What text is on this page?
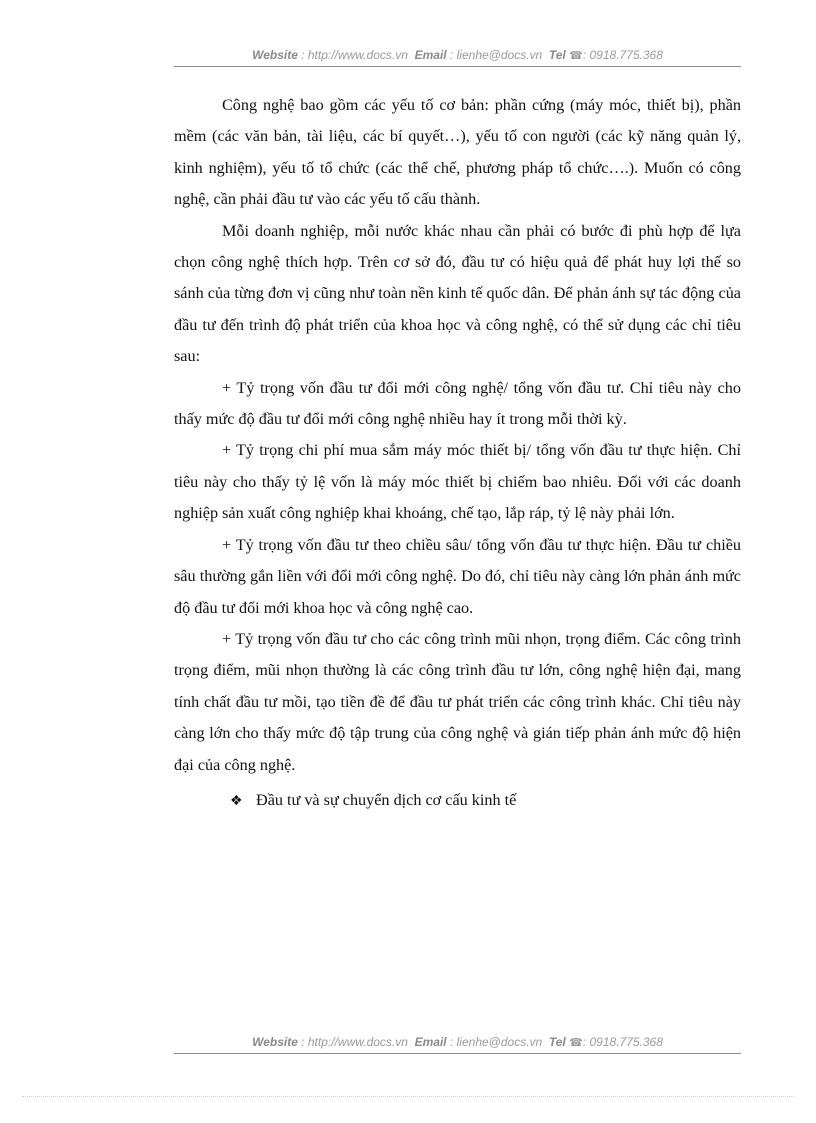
Website : http://www.docs.vn Email : lienhe@docs.vn Tel ☎: 0918.775.368

Công nghệ bao gồm các yếu tố cơ bản: phần cứng (máy móc, thiết bị), phần mềm (các văn bản, tài liệu, các bí quyết…), yếu tố con người (các kỹ năng quản lý, kinh nghiệm), yếu tố tổ chức (các thể chế, phương pháp tổ chức….). Muốn có công nghệ, cần phải đầu tư vào các yếu tố cấu thành.

Mỗi doanh nghiệp, mỗi nước khác nhau cần phải có bước đi phù hợp để lựa chọn công nghệ thích hợp. Trên cơ sở đó, đầu tư có hiệu quả để phát huy lợi thế so sánh của từng đơn vị cũng như toàn nền kinh tế quốc dân. Để phản ánh sự tác động của đầu tư đến trình độ phát triển của khoa học và công nghệ, có thể sử dụng các chỉ tiêu sau:

+ Tỷ trọng vốn đầu tư đổi mới công nghệ/ tổng vốn đầu tư. Chỉ tiêu này cho thấy mức độ đầu tư đổi mới công nghệ nhiều hay ít trong mỗi thời kỳ.

+ Tỷ trọng chi phí mua sắm máy móc thiết bị/ tổng vốn đầu tư thực hiện. Chỉ tiêu này cho thấy tỷ lệ vốn là máy móc thiết bị chiếm bao nhiêu. Đối với các doanh nghiệp sản xuất công nghiệp khai khoáng, chế tạo, lắp ráp, tỷ lệ này phải lớn.

+ Tỷ trọng vốn đầu tư theo chiều sâu/ tổng vốn đầu tư thực hiện. Đầu tư chiều sâu thường gắn liền với đổi mới công nghệ. Do đó, chỉ tiêu này càng lớn phản ánh mức độ đầu tư đổi mới khoa học và công nghệ cao.

+ Tỷ trọng vốn đầu tư cho các công trình mũi nhọn, trọng điểm. Các công trình trọng điểm, mũi nhọn thường là các công trình đầu tư lớn, công nghệ hiện đại, mang tính chất đầu tư mồi, tạo tiền đề để đầu tư phát triển các công trình khác. Chỉ tiêu này càng lớn cho thấy mức độ tập trung của công nghệ và gián tiếp phản ánh mức độ hiện đại của công nghệ.

❖ Đầu tư và sự chuyển dịch cơ cấu kinh tế
Website : http://www.docs.vn Email : lienhe@docs.vn Tel ☎: 0918.775.368
